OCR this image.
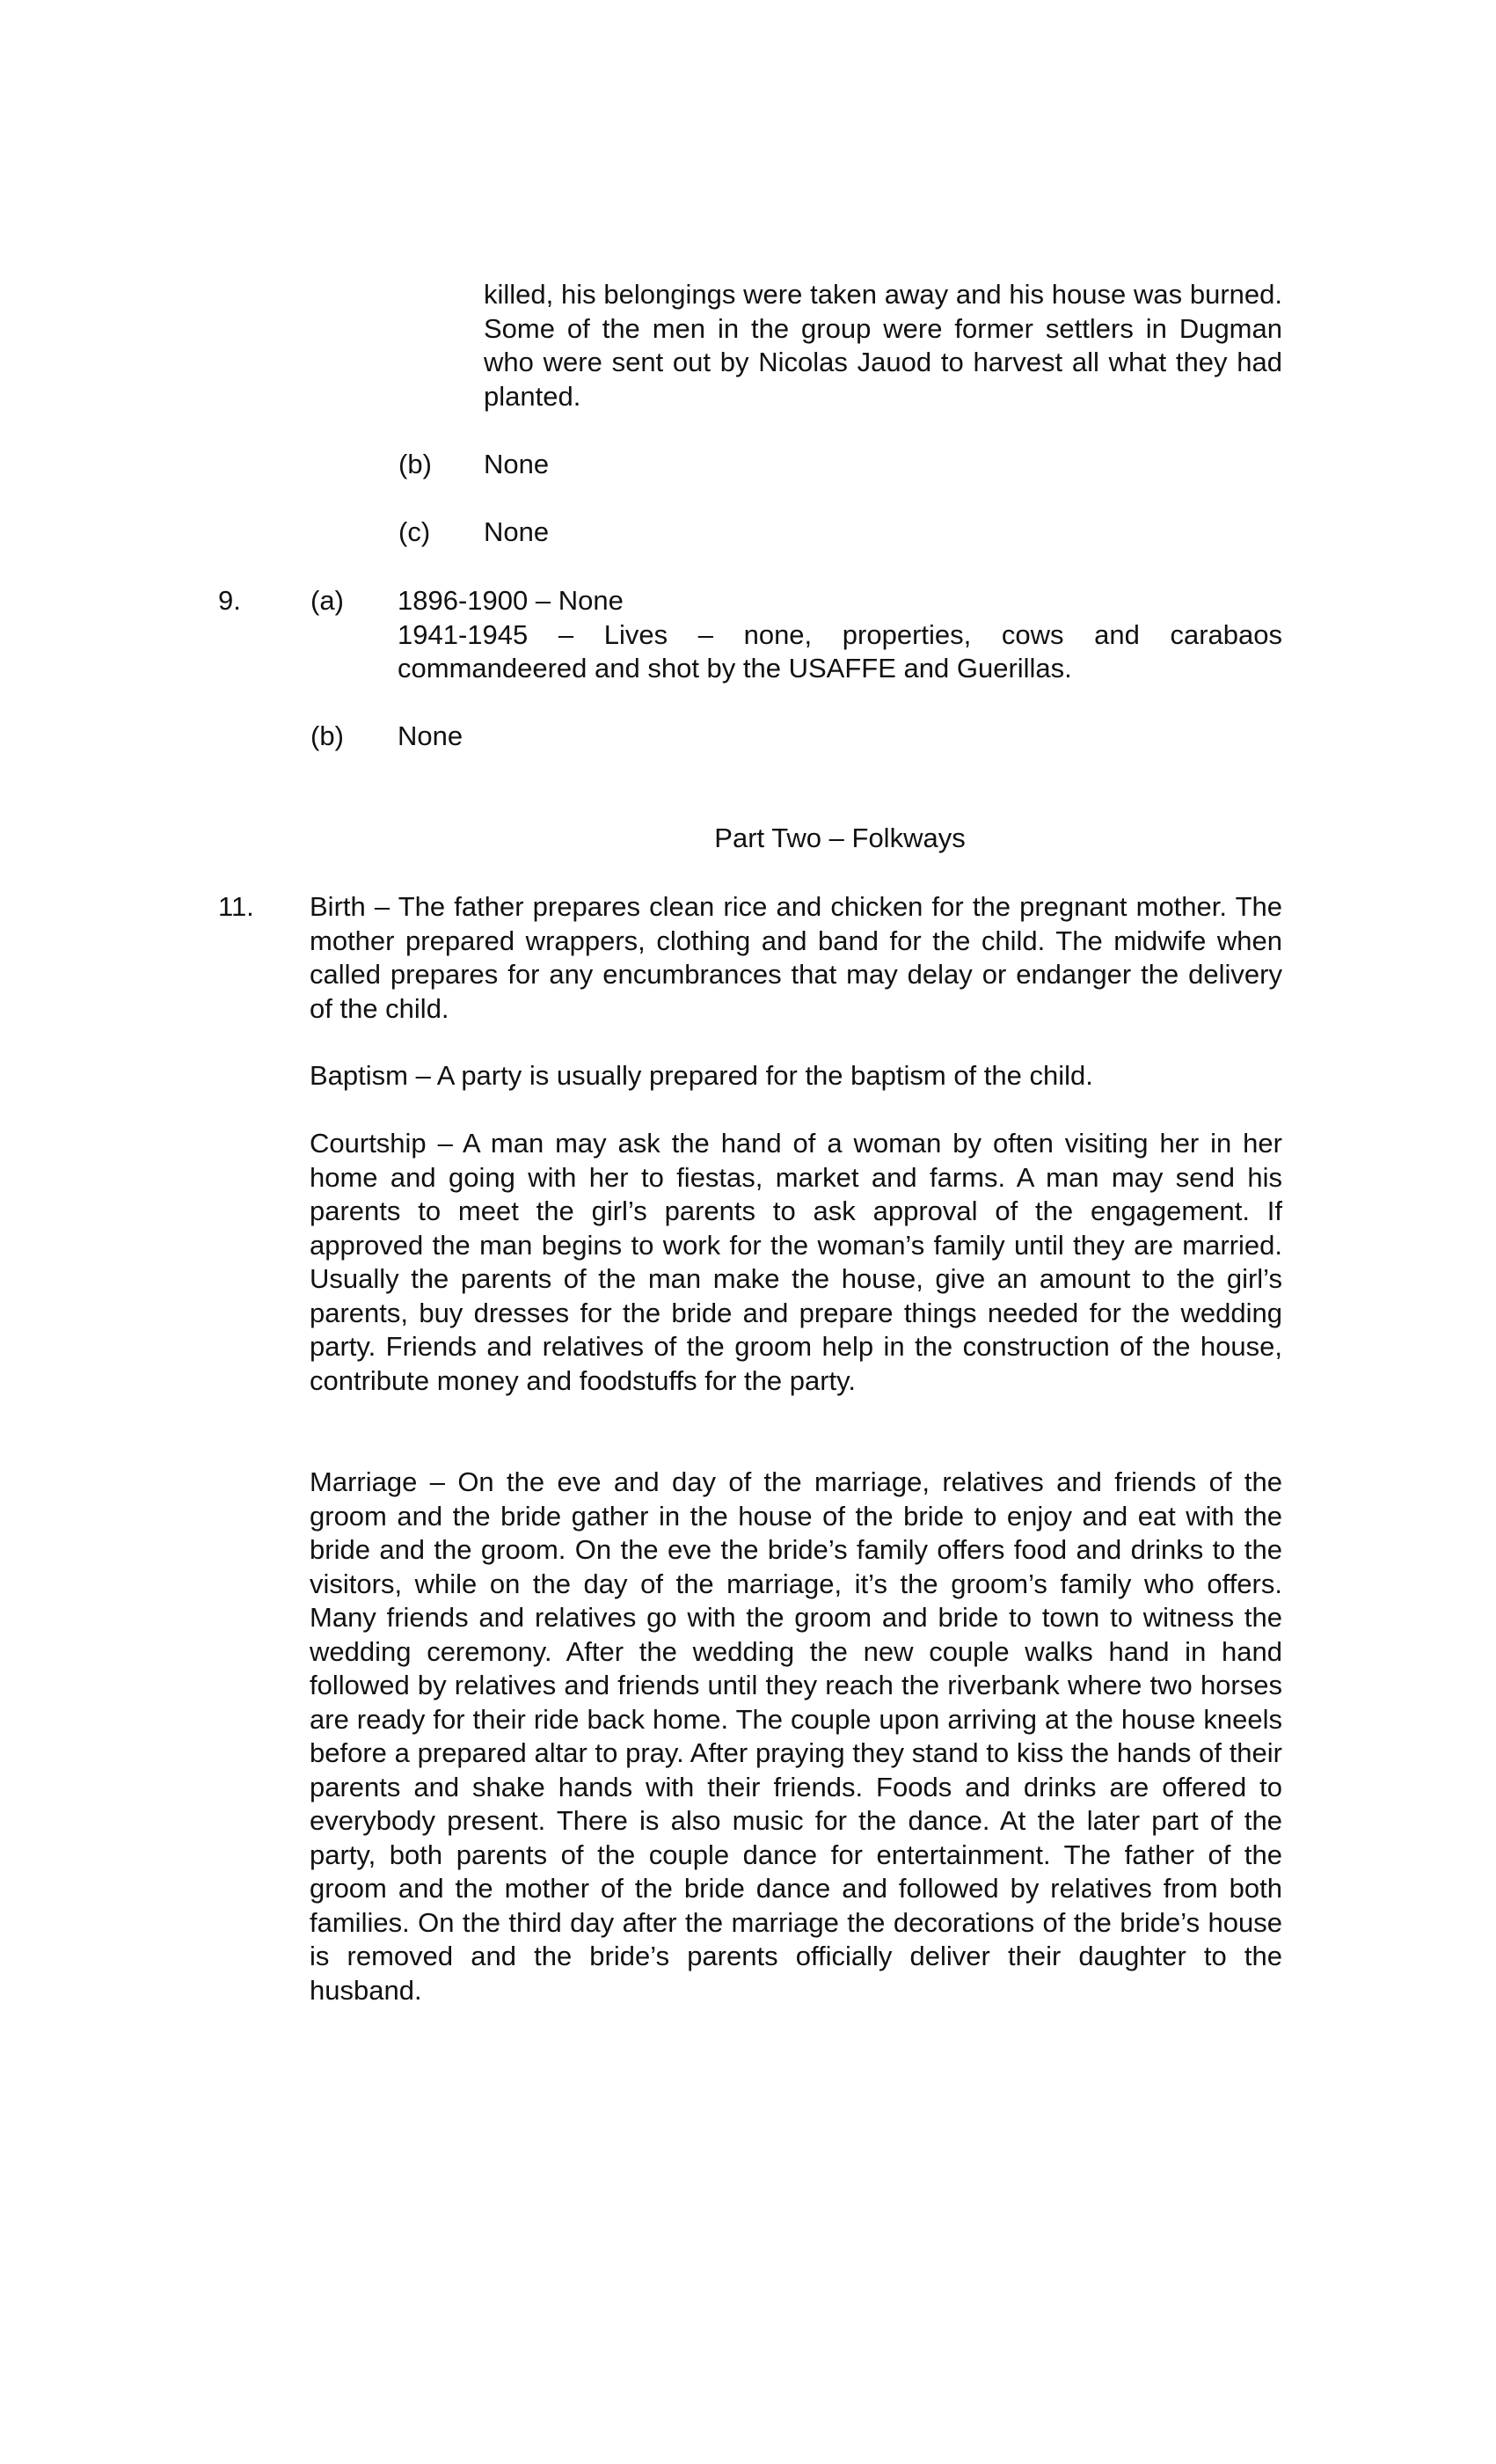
killed, his belongings were taken away and his house was burned. Some of the men in the group were former settlers in Dugman who were sent out by Nicolas Jauod to harvest all what they had planted.

(b) None

(c) None

9.	(a) 1896-1900 – None
1941-1945 – Lives – none, properties, cows and carabaos
commandeered and shot by the USAFFE and Guerillas.

(b) None

Part Two – Folkways

11. Birth – The father prepares clean rice and chicken for the pregnant mother. The mother prepared wrappers, clothing and band for the child. The midwife when called prepares for any encumbrances that may delay or endanger the delivery of the child.

Baptism – A party is usually prepared for the baptism of the child.

Courtship – A man may ask the hand of a woman by often visiting her in her home and going with her to fiestas, market and farms. A man may send his parents to meet the girl’s parents to ask approval of the engagement. If approved the man begins to work for the woman’s family until they are married. Usually the parents of the man make the house, give an amount to the girl’s parents, buy dresses for the bride and prepare things needed for the wedding party. Friends and relatives of the groom help in the construction of the house, contribute money and foodstuffs for the party.

Marriage – On the eve and day of the marriage, relatives and friends of the groom and the bride gather in the house of the bride to enjoy and eat with the bride and the groom. On the eve the bride’s family offers food and drinks to the visitors, while on the day of the marriage, it’s the groom’s family who offers. Many friends and relatives go with the groom and bride to town to witness the wedding ceremony. After the wedding the new couple walks hand in hand followed by relatives and friends until they reach the riverbank where two horses are ready for their ride back home. The couple upon arriving at the house kneels before a prepared altar to pray. After praying they stand to kiss the hands of their parents and shake hands with their friends. Foods and drinks are offered to everybody present. There is also music for the dance. At the later part of the party, both parents of the couple dance for entertainment. The father of the groom and the mother of the bride dance and followed by relatives from both families. On the third day after the marriage the decorations of the bride’s house is removed and the bride’s parents officially deliver their daughter to the husband.
